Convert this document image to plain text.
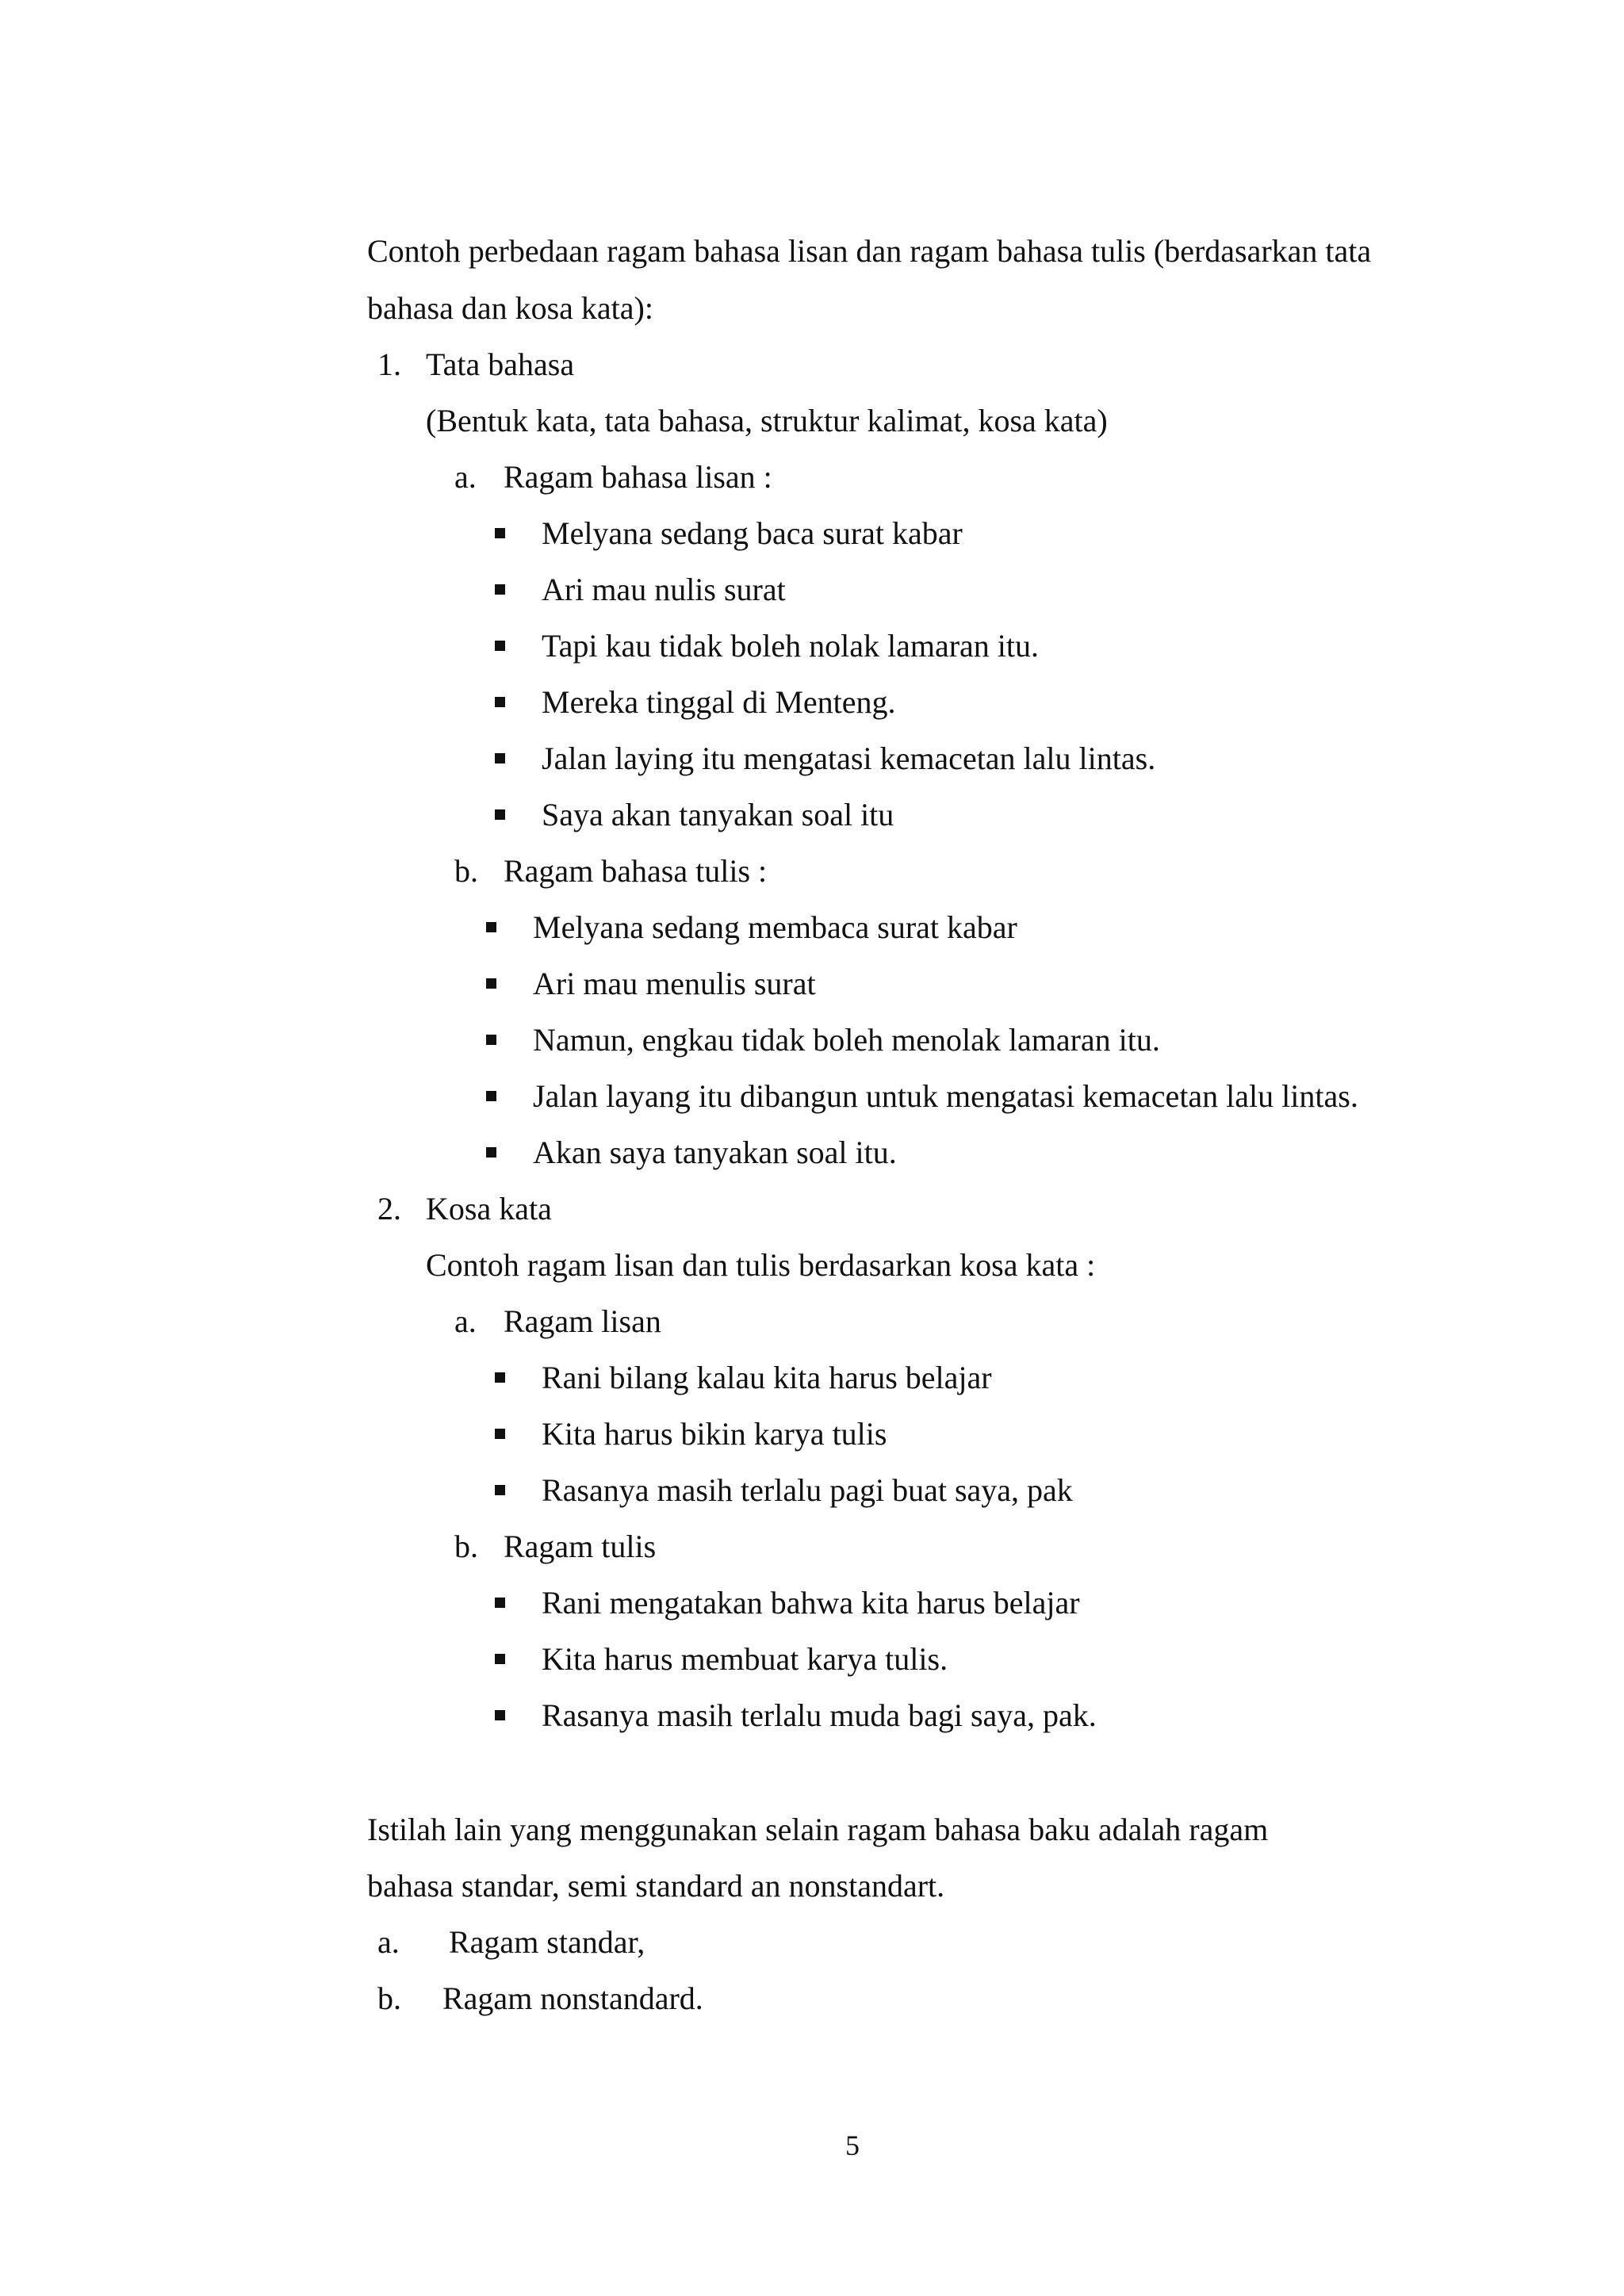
Contoh perbedaan ragam bahasa lisan dan ragam bahasa tulis (berdasarkan tata
bahasa dan kosa kata):
1. Tata bahasa
(Bentuk kata, tata bahasa, struktur kalimat, kosa kata)
a. Ragam bahasa lisan :
Melyana sedang baca surat kabar
Ari mau nulis surat
Tapi kau tidak boleh nolak lamaran itu.
Mereka tinggal di Menteng.
Jalan laying itu mengatasi kemacetan lalu lintas.
Saya akan tanyakan soal itu
b. Ragam bahasa tulis :
Melyana sedang membaca surat kabar
Ari mau menulis surat
Namun, engkau tidak boleh menolak lamaran itu.
Jalan layang itu dibangun untuk mengatasi kemacetan lalu lintas.
Akan saya tanyakan soal itu.
2. Kosa kata
Contoh ragam lisan dan tulis berdasarkan kosa kata :
a. Ragam lisan
Rani bilang kalau kita harus belajar
Kita harus bikin karya tulis
Rasanya masih terlalu pagi buat saya, pak
b. Ragam tulis
Rani mengatakan bahwa kita harus belajar
Kita harus membuat karya tulis.
Rasanya masih terlalu muda bagi saya, pak.
Istilah lain yang menggunakan selain ragam bahasa baku adalah ragam
bahasa standar, semi standard an nonstandart.
a. Ragam standar,
b. Ragam nonstandard.
5
